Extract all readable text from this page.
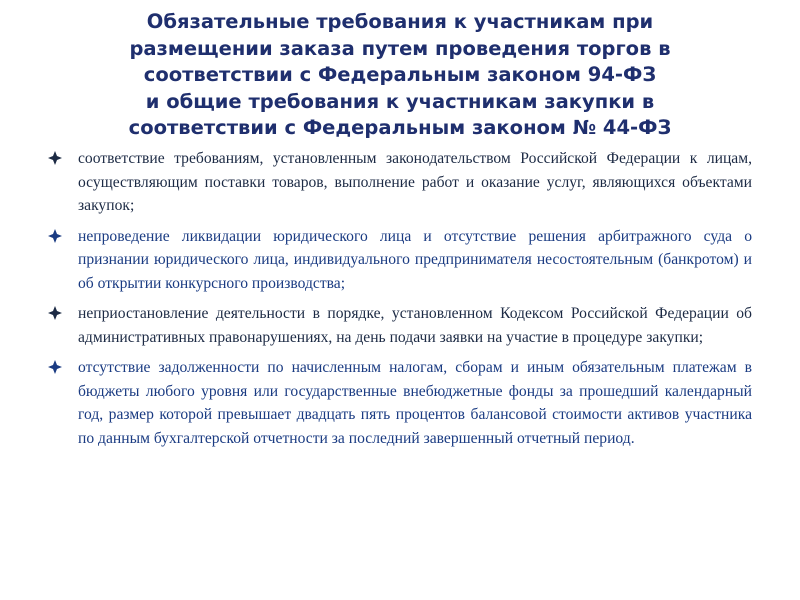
Обязательные требования к участникам при
размещении заказа путем проведения торгов в
соответствии с Федеральным законом 94-ФЗ
и общие требования к участникам закупки в
соответствии с Федеральным законом № 44-ФЗ
соответствие требованиям, установленным законодательством Российской Федерации к лицам, осуществляющим поставки товаров, выполнение работ и оказание услуг, являющихся объектами закупок;
непроведение ликвидации юридического лица и отсутствие решения арбитражного суда о признании юридического лица, индивидуального предпринимателя несостоятельным (банкротом) и об открытии конкурсного производства;
неприостановление деятельности в порядке, установленном Кодексом Российской Федерации об административных правонарушениях, на день подачи заявки на участие в процедуре закупки;
отсутствие задолженности по начисленным налогам, сборам и иным обязательным платежам в бюджеты любого уровня или государственные внебюджетные фонды за прошедший календарный год, размер которой превышает двадцать пять процентов балансовой стоимости активов участника по данным бухгалтерской отчетности за последний завершенный отчетный период.
